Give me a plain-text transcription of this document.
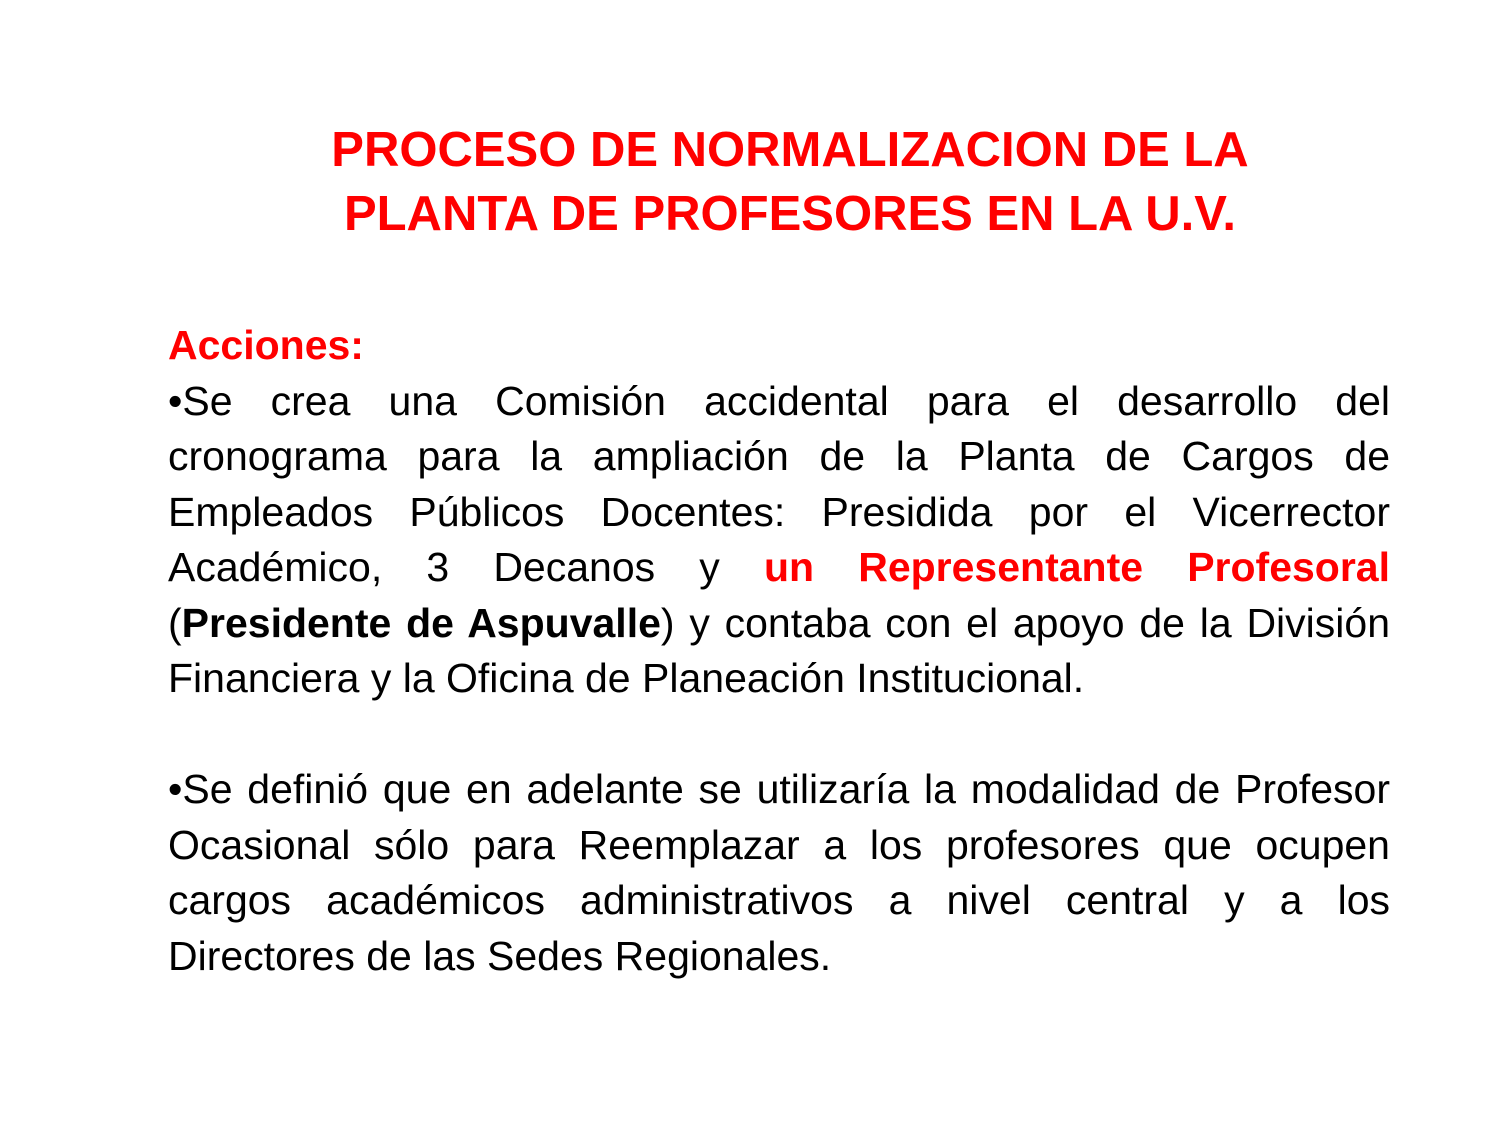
PROCESO DE NORMALIZACION DE LA
PLANTA DE PROFESORES EN LA U.V.
Acciones:

•Se crea una Comisión accidental para el desarrollo del cronograma para la ampliación de la Planta de Cargos de Empleados Públicos Docentes: Presidida por el Vicerrector Académico, 3 Decanos y un Representante Profesoral (Presidente de Aspuvalle) y contaba con el apoyo de la División Financiera y la Oficina de Planeación Institucional.

•Se definió que en adelante se utilizaría la modalidad de Profesor Ocasional sólo para Reemplazar a los profesores que ocupen cargos académicos administrativos a nivel central y a los Directores de las Sedes Regionales.
